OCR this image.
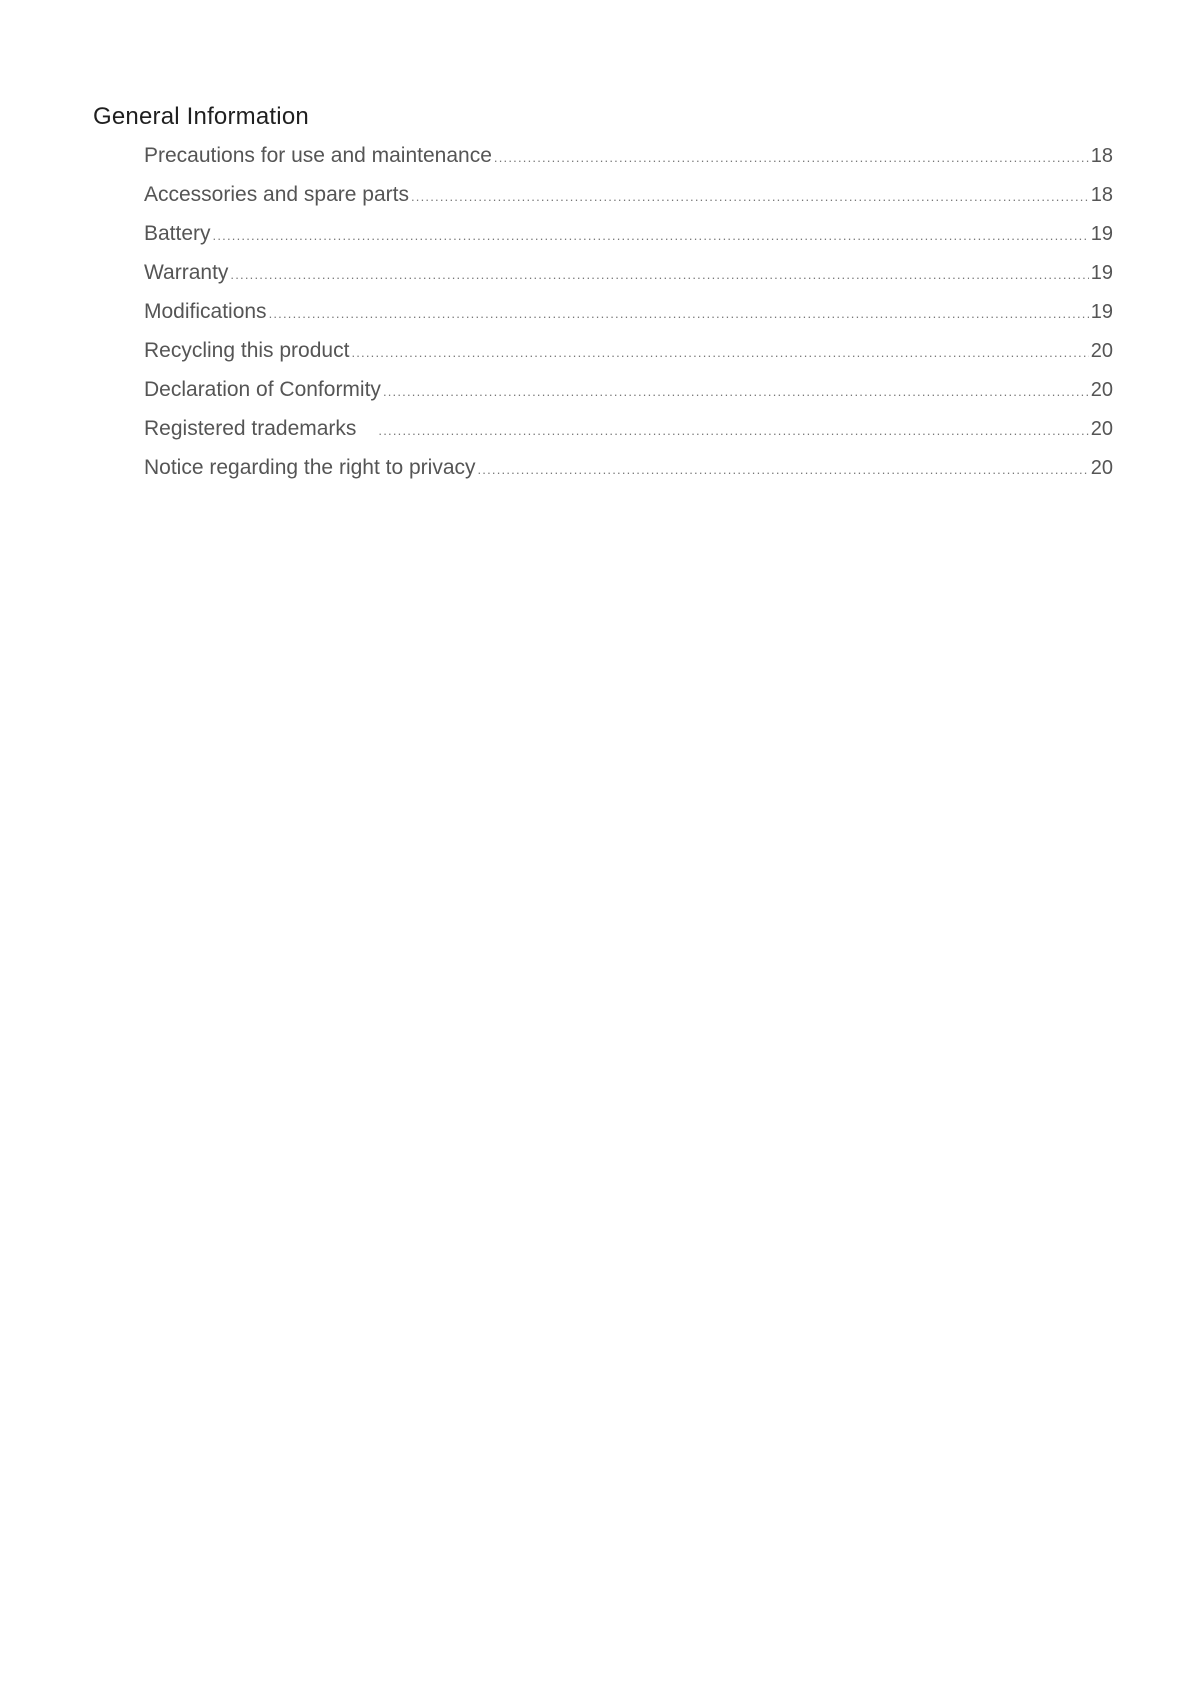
General Information
Precautions for use and maintenance .....	18
Accessories and spare parts .....	18
Battery .....	19
Warranty .....	19
Modifications .....	19
Recycling this product .....	20
Declaration of Conformity .....	20
Registered trademarks .....	20
Notice regarding the right to privacy .....	20
